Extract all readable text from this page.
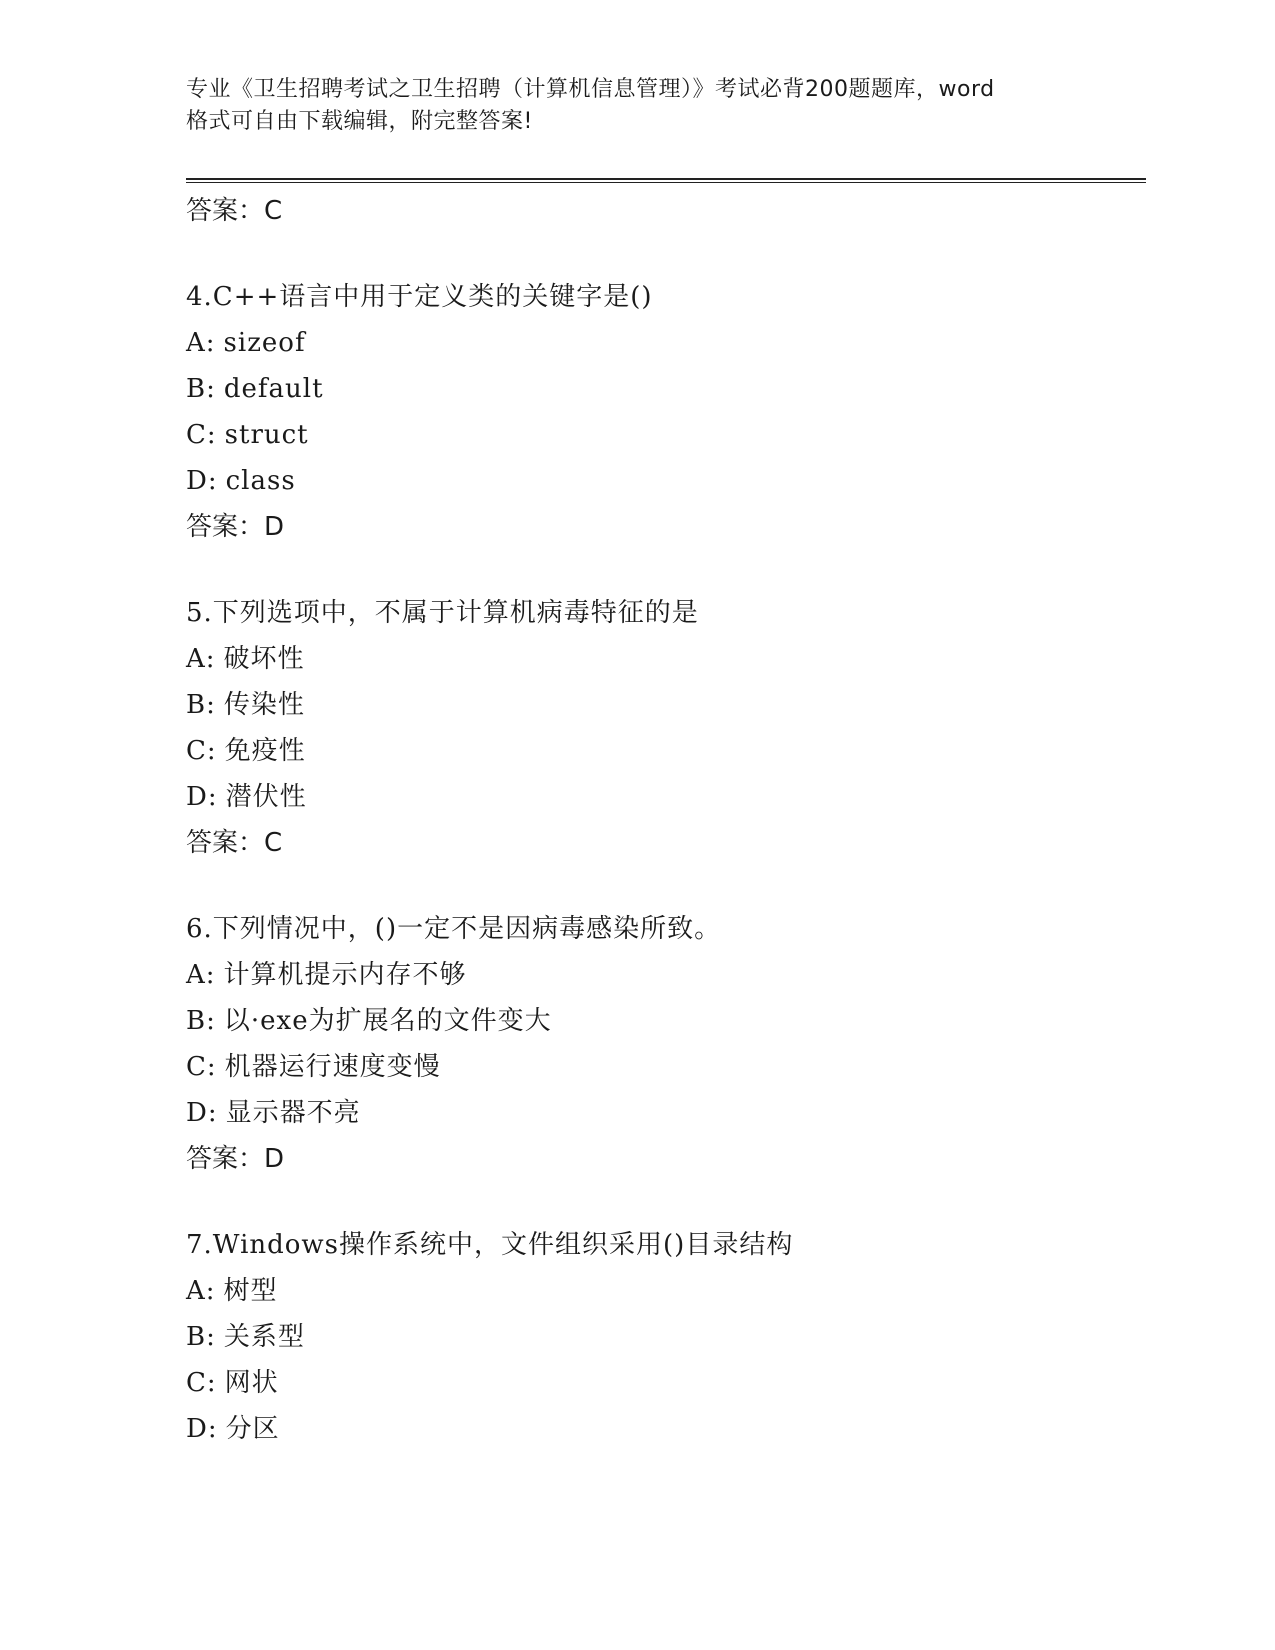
专业《卫生招聘考试之卫生招聘（计算机信息管理）》考试必背200题题库，word
格式可自由下载编辑，附完整答案!
答案：C
4.C++语言中用于定义类的关键字是()
A: sizeof
B: default
C: struct
D: class
答案：D
5.下列选项中，不属于计算机病毒特征的是
A: 破坏性
B: 传染性
C: 免疫性
D: 潜伏性
答案：C
6.下列情况中，()一定不是因病毒感染所致。
A: 计算机提示内存不够
B: 以·exe为扩展名的文件变大
C: 机器运行速度变慢
D: 显示器不亮
答案：D
7.Windows操作系统中，文件组织采用()目录结构
A: 树型
B: 关系型
C: 网状
D: 分区
